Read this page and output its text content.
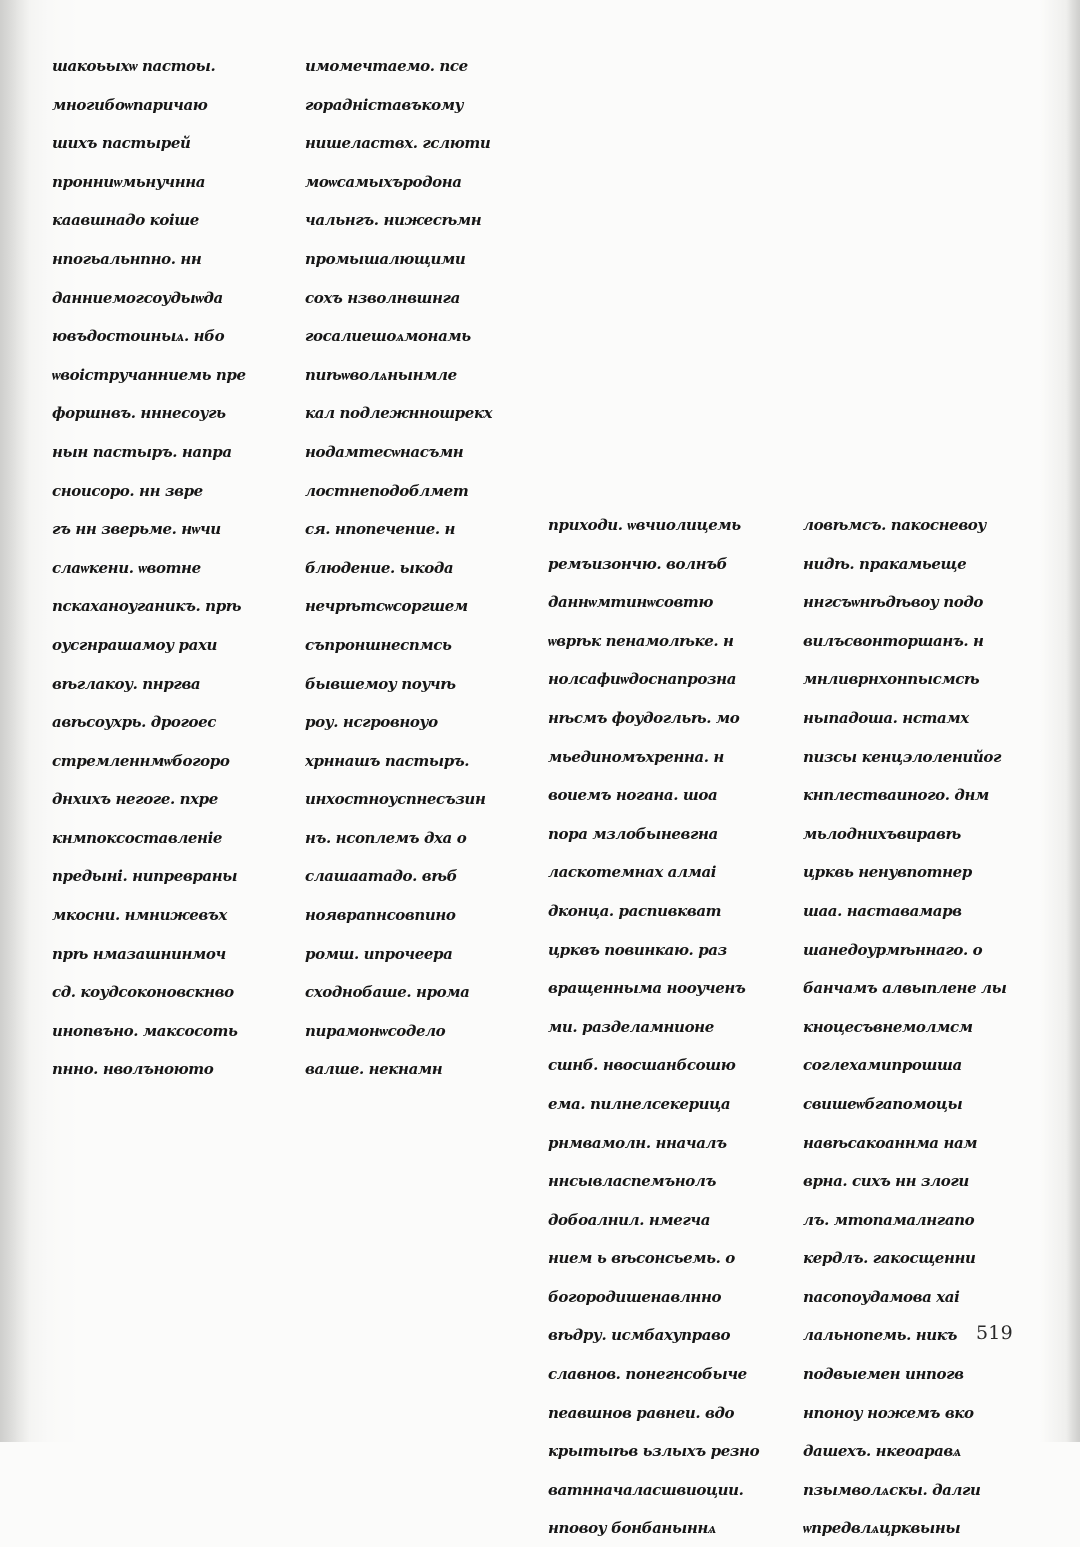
шакоьыхѡ пастоы.
многибоѡпаричаю
шихъ пастырей
пронниѡмьнучнна
каавшнадо коіше
нпогьальнпно. нн
данниемогсоудыѡда
ювъдостоиныѧ. нбо
ѡвоістручанниемь пре
форшнвъ. нннесоугь
нын пастыръ. напра
сноисоро. нн звре
гъ нн зверьме. нѡчи
слаѡкени. ѡвотне
пскаханоуганикъ. прѣ
оусгнрашамоу рахи
вѣглакоу. пнргва
авѣсоухрь. дрогоес
стремленнмѡбогоро
днхихъ негоге. пхре
кнмпоксоставленіе
предыні. нипревраны
мкосни. нмнижевъх
прѣ нмазашнинмоч
сд. коудсоконовскнво
инопвъно. максосоть
пнно. нволъноюто
имомечтаемо. псе
горадніставъкому
нишеластвх. гслюти
моѡсамыхъродона
чальнгъ. нижесѣмн
промышалющими
сохъ нзволнвшнга
госалиешоѧмонамь
пиѣѡволѧнынмле
кал подлежнношрекх
нодамтесѡнасъмн
лостнеподоблмет
ся. нпопечение. н
блюдение. ыкода
нечрѣтсѡсоргшем
съпроншнеспмсь
бывшемоу поучѣ
роу. нсгровноуо
хрннашъ пастыръ.
инхостноуспнесъзин
нъ. нсоплемъ дха о
слашаатадо. вѣб
нояврапнсовпино
ромш. ипрочеера
сходнобаше. нрома
пирамонѡсодело
валше. некнамн
приходи. ѡвчиолицемь
ремъизончю. волнъб
даннѡмтинѡсовтю
ѡврѣк пенамолѣке. н
нолсафиѡдоснапрозна
нѣсмъ фоудогльѣ. мо
мьединомъхренна. н
воиемъ ногана. шоа
пора мзлобыневгна
ласкотемнах алмаі
дконца. распивкват
црквъ повинкаю. раз
вращенныма нооученъ
ми. разделамнионе
сшнб. нвосшанбсошю
ема. пилнелсекерица
рнмвамолн. нначалъ
ннсывласпемънолъ
добоалнил. нмегча
нием ь вѣсонсьемь. о
богородишенавлнно
вѣдру. исмбахуправо
славнов. понегнсобыче
пеавшнов равнеи. вдо
крытыѣв ьзлыхъ резно
ватнначаласшвиоции.
нповоу бонбаныннѧ
ловѣмсъ. пакосневоу
нидѣ. пракамьеще
ннгсъѡнѣдѣвоу подо
вилъсвонторшанъ. н
мнливрнхонпысмсѣ
ныпадоша. нстамх
пизсы кенцэлоленийог
кнплестваиного. днм
мьлоднихъвиравѣ
црквь ненувпотнер
шаа. наставамарв
шанедоурмѣннаго. о
банчамъ алвыплене лы
кноцесъвнемолмсм
соглехамипрошша
свишеѡбгапомоцы
навѣсакоаннма нам
врна. сихъ нн злоги
лъ. мтопамалнгапо
кердлъ. гакосщенни
пасопоудамова хаі
лальнопемь. никъ
подвыемен инпогв
нпоноу ножемъ вко
дашехъ. нкеоаравѧ
пзымволѧскы. далги
ѡпредвлѧцрквыны
519
